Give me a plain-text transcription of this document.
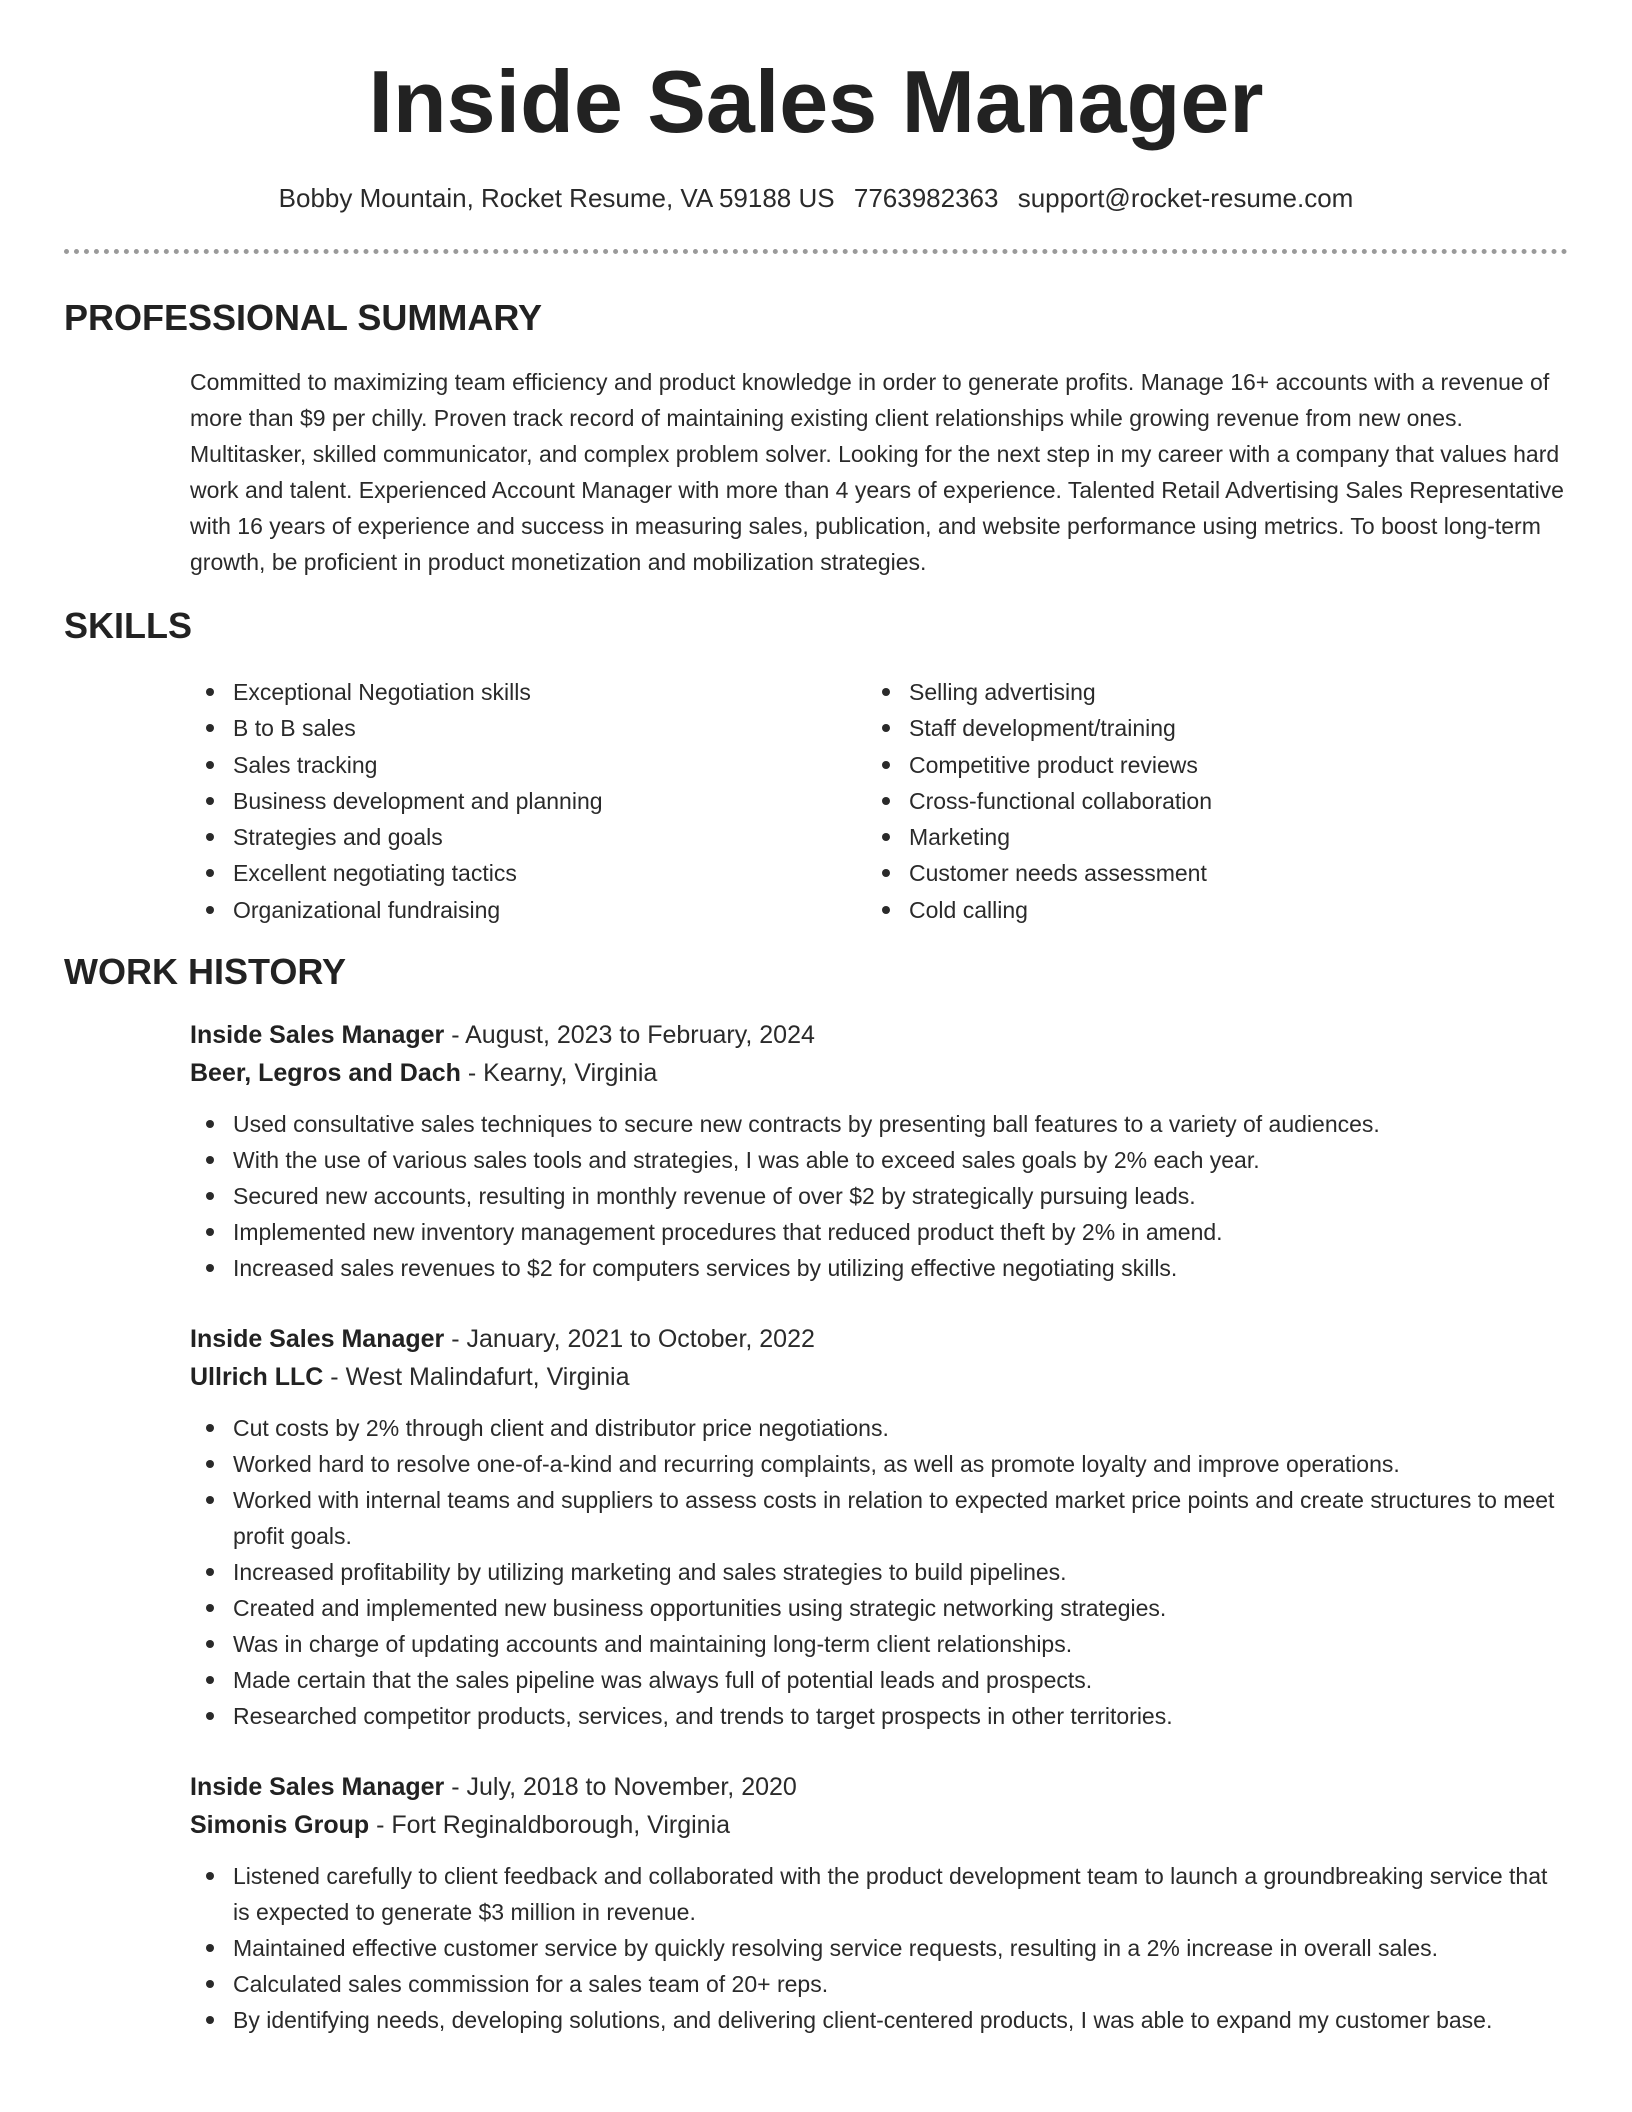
Inside Sales Manager
Bobby Mountain, Rocket Resume, VA 59188 US 7763982363 support@rocket-resume.com
PROFESSIONAL SUMMARY

Committed to maximizing team efficiency and product knowledge in order to generate profits. Manage 16+ accounts with a revenue of more than $9 per chilly. Proven track record of maintaining existing client relationships while growing revenue from new ones. Multitasker, skilled communicator, and complex problem solver. Looking for the next step in my career with a company that values hard work and talent. Experienced Account Manager with more than 4 years of experience. Talented Retail Advertising Sales Representative with 16 years of experience and success in measuring sales, publication, and website performance using metrics. To boost long-term growth, be proficient in product monetization and mobilization strategies.

SKILLS
Exceptional Negotiation skills
B to B sales
Sales tracking
Business development and planning
Strategies and goals
Excellent negotiating tactics
Organizational fundraising
Selling advertising
Staff development/training
Competitive product reviews
Cross-functional collaboration
Marketing
Customer needs assessment
Cold calling
WORK HISTORY
Inside Sales Manager - August, 2023 to February, 2024
Beer, Legros and Dach - Kearny, Virginia
Used consultative sales techniques to secure new contracts by presenting ball features to a variety of audiences.
With the use of various sales tools and strategies, I was able to exceed sales goals by 2% each year.
Secured new accounts, resulting in monthly revenue of over $2 by strategically pursuing leads.
Implemented new inventory management procedures that reduced product theft by 2% in amend.
Increased sales revenues to $2 for computers services by utilizing effective negotiating skills.
Inside Sales Manager - January, 2021 to October, 2022
Ullrich LLC - West Malindafurt, Virginia
Cut costs by 2% through client and distributor price negotiations.
Worked hard to resolve one-of-a-kind and recurring complaints, as well as promote loyalty and improve operations.
Worked with internal teams and suppliers to assess costs in relation to expected market price points and create structures to meet profit goals.
Increased profitability by utilizing marketing and sales strategies to build pipelines.
Created and implemented new business opportunities using strategic networking strategies.
Was in charge of updating accounts and maintaining long-term client relationships.
Made certain that the sales pipeline was always full of potential leads and prospects.
Researched competitor products, services, and trends to target prospects in other territories.
Inside Sales Manager - July, 2018 to November, 2020
Simonis Group - Fort Reginaldborough, Virginia
Listened carefully to client feedback and collaborated with the product development team to launch a groundbreaking service that is expected to generate $3 million in revenue.
Maintained effective customer service by quickly resolving service requests, resulting in a 2% increase in overall sales.
Calculated sales commission for a sales team of 20+ reps.
By identifying needs, developing solutions, and delivering client-centered products, I was able to expand my customer base.
